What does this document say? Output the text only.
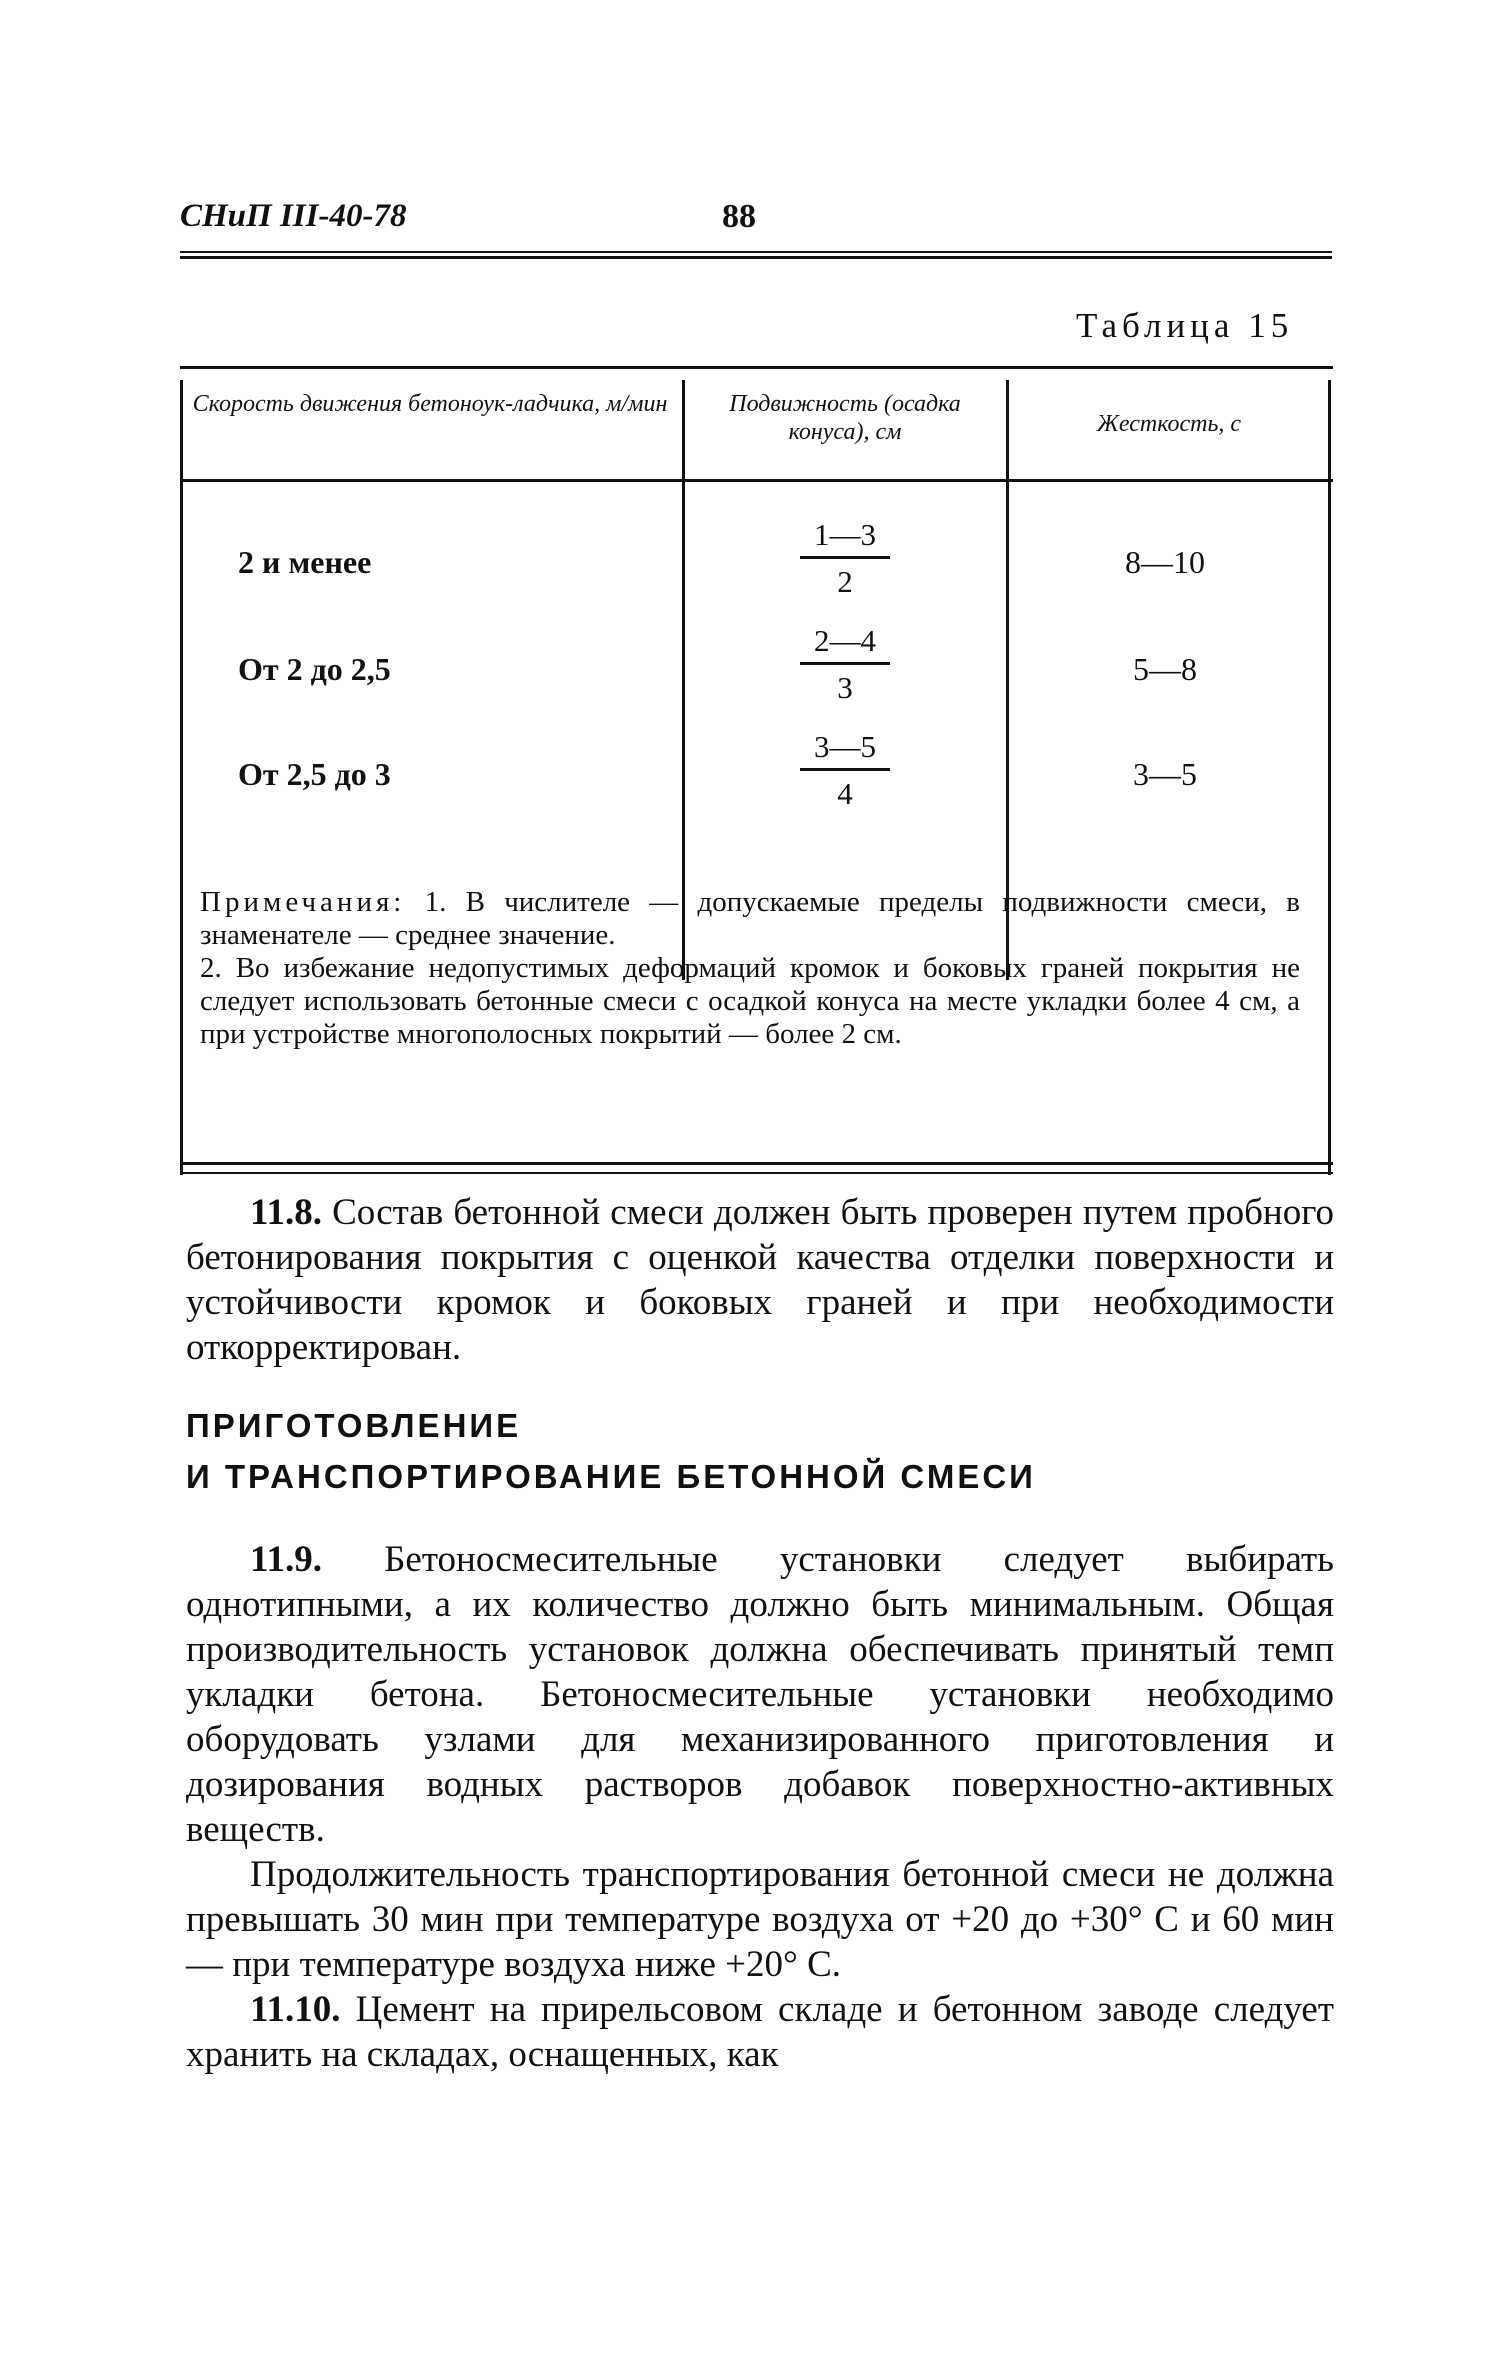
СНиП III-40-78	88
Таблица 15
Скорость движения бетоноук-ладчика, м/мин	Подвижность (осадка конуса), см	Жесткость, с
2 и менее	$\frac{1—3}{2}$	8—10
От 2 до 2,5	$\frac{2—4}{3}$	5—8
От 2,5 до 3	$\frac{3—5}{4}$	3—5

Примечания: 1. В числителе — допускаемые пределы подвижности смеси, в знаменателе — среднее значение.

2. Во избежание недопустимых деформаций кромок и боковых граней покрытия не следует использовать бетонные смеси с осадкой конуса на месте укладки более 4 см, а при устройстве многополосных покрытий — более 2 см.

11.8. Состав бетонной смеси должен быть проверен путем пробного бетонирования покрытия с оценкой качества отделки поверхности и устойчивости кромок и боковых граней и при необходимости откорректирован.

ПРИГОТОВЛЕНИЕ
И ТРАНСПОРТИРОВАНИЕ БЕТОННОЙ СМЕСИ

11.9. Бетоносмесительные установки следует выбирать однотипными, а их количество должно быть минимальным. Общая производительность установок должна обеспечивать принятый темп укладки бетона. Бетоносмесительные установки необходимо оборудовать узлами для механизированного приготовления и дозирования водных растворов добавок поверхностно-активных веществ.

Продолжительность транспортирования бетонной смеси не должна превышать 30 мин при температуре воздуха от +20 до +30° С и 60 мин — при температуре воздуха ниже +20° С.

11.10. Цемент на прирельсовом складе и бетонном заводе следует хранить на складах, оснащенных, как
